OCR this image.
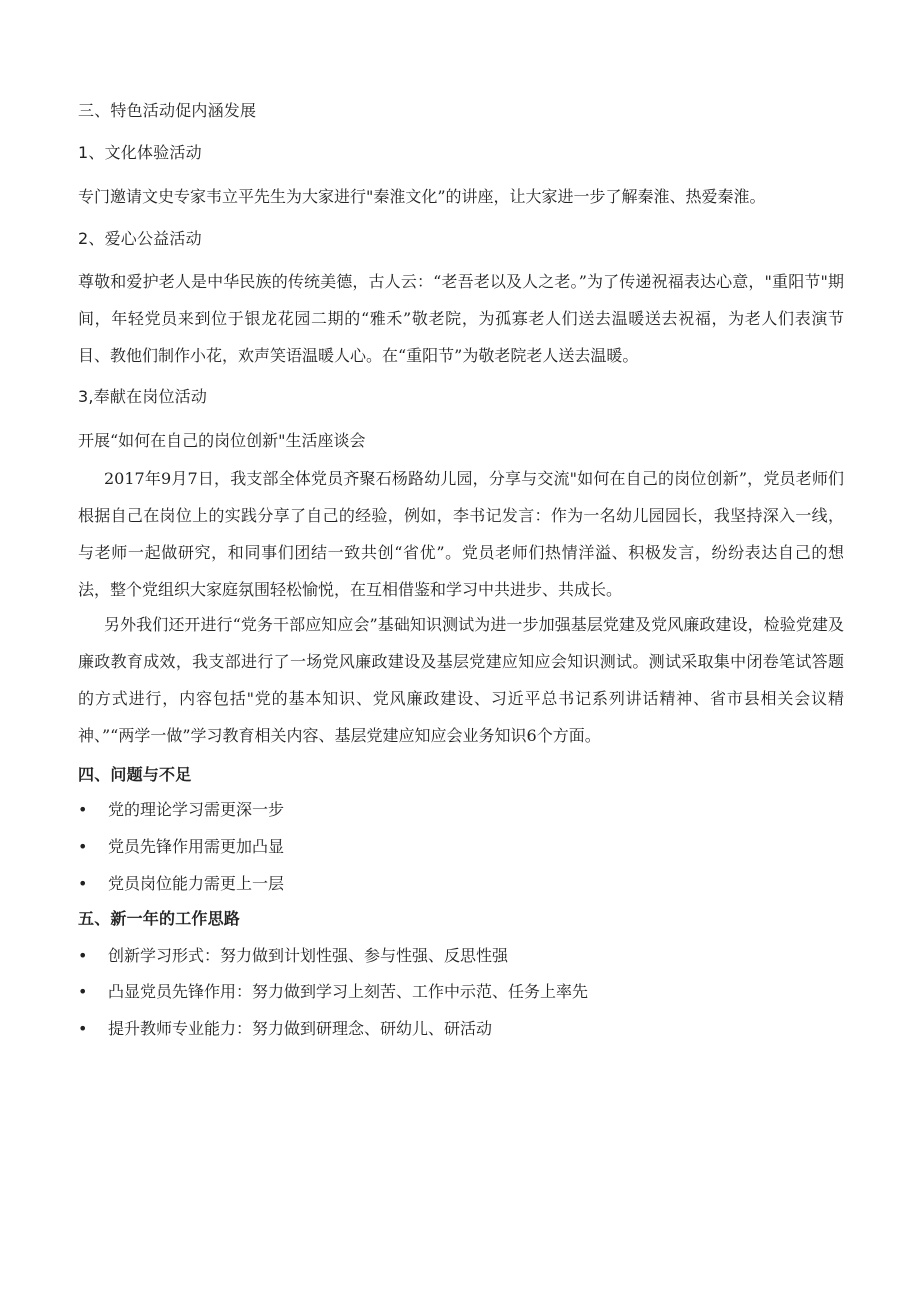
三、特色活动促内涵发展
1、文化体验活动
专门邀请文史专家韦立平先生为大家进行"秦淮文化”的讲座，让大家进一步了解秦淮、热爱秦淮。
2、爱心公益活动
尊敬和爱护老人是中华民族的传统美德，古人云：“老吾老以及人之老。”为了传递祝福表达心意，"重阳节"期间，年轻党员来到位于银龙花园二期的“雅禾”敬老院，为孤寡老人们送去温暖送去祝福，为老人们表演节目、教他们制作小花，欢声笑语温暖人心。在“重阳节”为敬老院老人送去温暖。
3,奉献在岗位活动
开展“如何在自己的岗位创新"生活座谈会
2017年9月7日，我支部全体党员齐聚石杨路幼儿园，分享与交流"如何在自己的岗位创新”，党员老师们根据自己在岗位上的实践分享了自己的经验，例如，李书记发言：作为一名幼儿园园长，我坚持深入一线，与老师一起做研究，和同事们团结一致共创“省优”。党员老师们热情洋溢、积极发言，纷纷表达自己的想法，整个党组织大家庭氛围轻松愉悦，在互相借鉴和学习中共进步、共成长。
另外我们还开进行“党务干部应知应会”基础知识测试为进一步加强基层党建及党风廉政建设，检验党建及廉政教育成效，我支部进行了一场党风廉政建设及基层党建应知应会知识测试。测试采取集中闭卷笔试答题的方式进行，内容包括"党的基本知识、党风廉政建设、习近平总书记系列讲话精神、省市县相关会议精神、”“两学一做”学习教育相关内容、基层党建应知应会业务知识6个方面。
四、问题与不足
• 党的理论学习需更深一步
• 党员先锋作用需更加凸显
• 党员岗位能力需更上一层
五、新一年的工作思路
• 创新学习形式：努力做到计划性强、参与性强、反思性强
• 凸显党员先锋作用：努力做到学习上刻苦、工作中示范、任务上率先
• 提升教师专业能力：努力做到研理念、研幼儿、研活动
